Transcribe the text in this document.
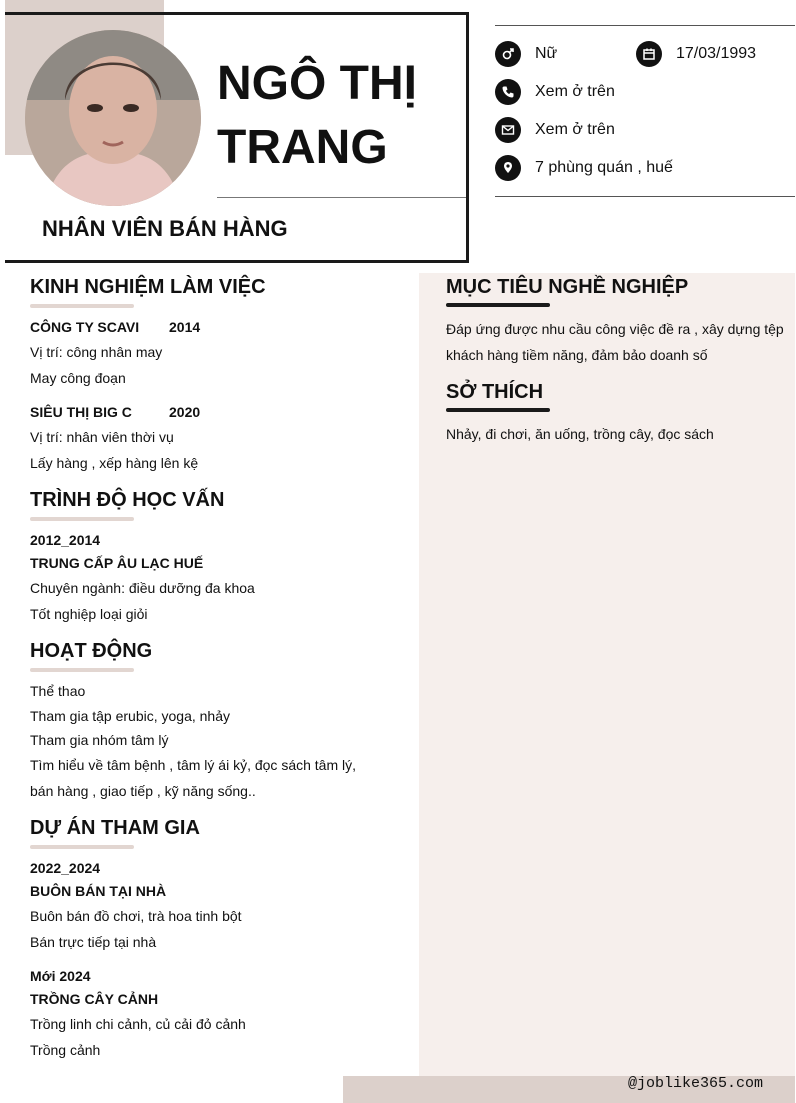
NGÔ THỊ TRANG
NHÂN VIÊN BÁN HÀNG
Nữ	17/03/1993
Xem ở trên
Xem ở trên
7 phùng quán , huế
KINH NGHIỆM LÀM VIỆC
CÔNG TY SCAVI 2014
Vị trí: công nhân may
May công đoạn
SIÊU THỊ BIG C	2020
Vị trí: nhân viên thời vụ
Lấy hàng , xếp hàng lên kệ
TRÌNH ĐỘ HỌC VẤN
2012_2014
TRUNG CẤP ÂU LẠC HUẾ
Chuyên ngành: điều dưỡng đa khoa
Tốt nghiệp loại giỏi
HOẠT ĐỘNG
Thể thao
Tham gia tập erubic, yoga, nhảy
Tham gia nhóm tâm lý
Tìm hiểu về tâm bệnh , tâm lý ái kỷ, đọc sách tâm lý,
bán hàng , giao tiếp , kỹ năng sống..
DỰ ÁN THAM GIA
2022_2024
BUÔN BÁN TẠI NHÀ
Buôn bán đồ chơi, trà hoa tinh bột
Bán trực tiếp tại nhà
Mới 2024
TRỒNG CÂY CẢNH
Trồng linh chi cảnh, củ cải đỏ cảnh
Trồng cảnh
MỤC TIÊU NGHỀ NGHIỆP
Đáp ứng được nhu cầu công việc đề ra , xây dựng tệp
khách hàng tiềm năng, đảm bảo doanh số
SỞ THÍCH
Nhảy, đi chơi, ăn uống, trồng cây, đọc sách
@joblike365.com
